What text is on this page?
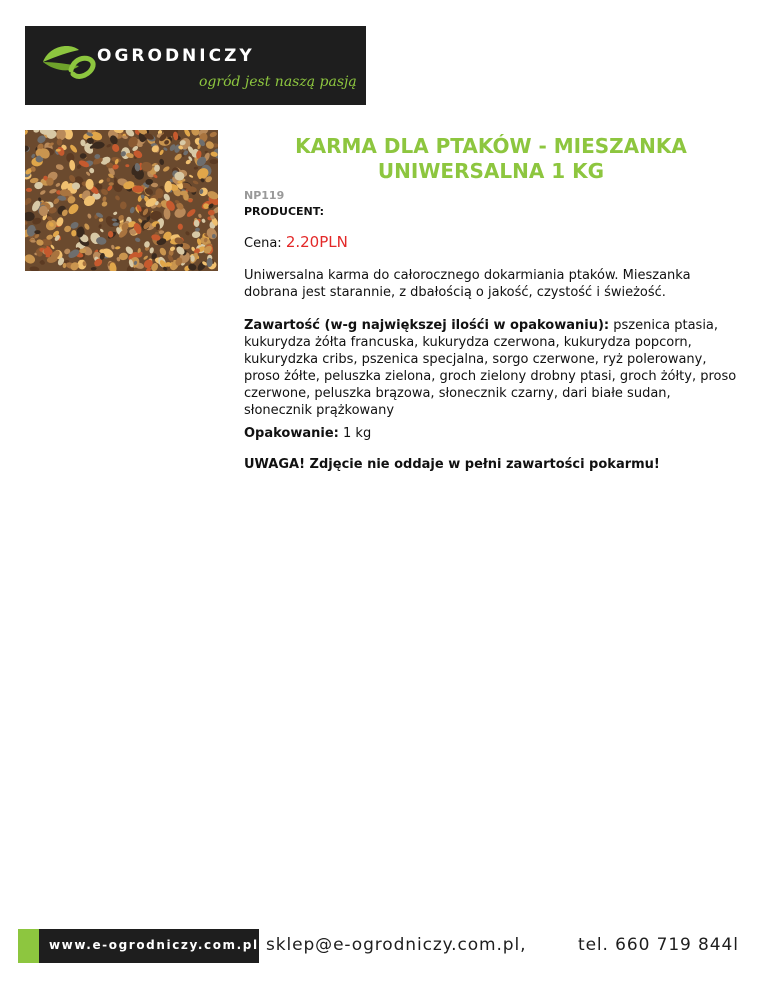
OGRODNICZY
ogród jest naszą pasją
KARMA DLA PTAKÓW - MIESZANKA UNIWERSALNA 1 KG
NP119
PRODUCENT:
Cena: 2.20PLN

Uniwersalna karma do całorocznego dokarmiania ptaków. Mieszanka dobrana jest starannie, z dbałością o jakość, czystość i świeżość.

Zawartość (w-g największej ilośći w opakowaniu): pszenica ptasia, kukurydza żółta francuska, kukurydza czerwona, kukurydza popcorn, kukurydzka cribs, pszenica specjalna, sorgo czerwone, ryż polerowany, proso żółte, peluszka zielona, groch zielony drobny ptasi, groch żółty, proso czerwone, peluszka brązowa, słonecznik czarny, dari białe sudan, słonecznik prążkowany

Opakowanie: 1 kg

UWAGA! Zdjęcie nie oddaje w pełni zawartości pokarmu!

www.e-ogrodniczy.com.pl sklep@e-ogrodniczy.com.pl,	tel. 660 719 844l
